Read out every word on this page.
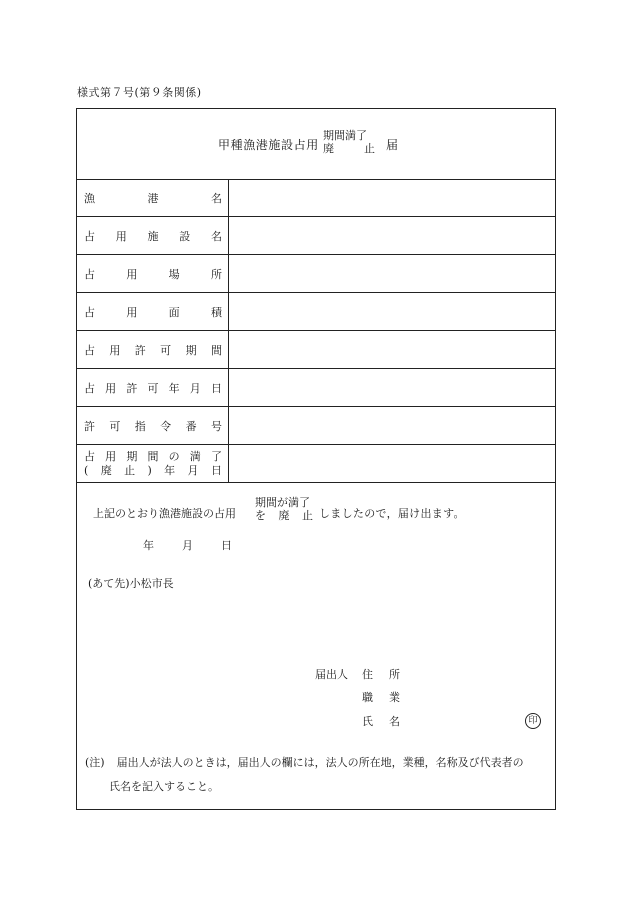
様式第７号(第９条関係)
甲種漁港施設占用
期間満了
廃	止 届
漁	港	名
占 用 施 設 名
占	用	場	所
占	用	面	積
占 用 許 可 期 間
占 用 許 可 年 月 日
許 可 指 令 番 号
占 用 期 間 の 満 了
( 廃 止 ) 年 月 日
上記のとおり漁港施設の占用
期間が満了
を 廃 止 しましたので，届け出ます。
年	月	日
(あて先)小松市長
届出人 住 所
職 業
氏 名	印
(注) 届出人が法人のときは，届出人の欄には，法人の所在地，業種，名称及び代表者の
氏名を記入すること。
